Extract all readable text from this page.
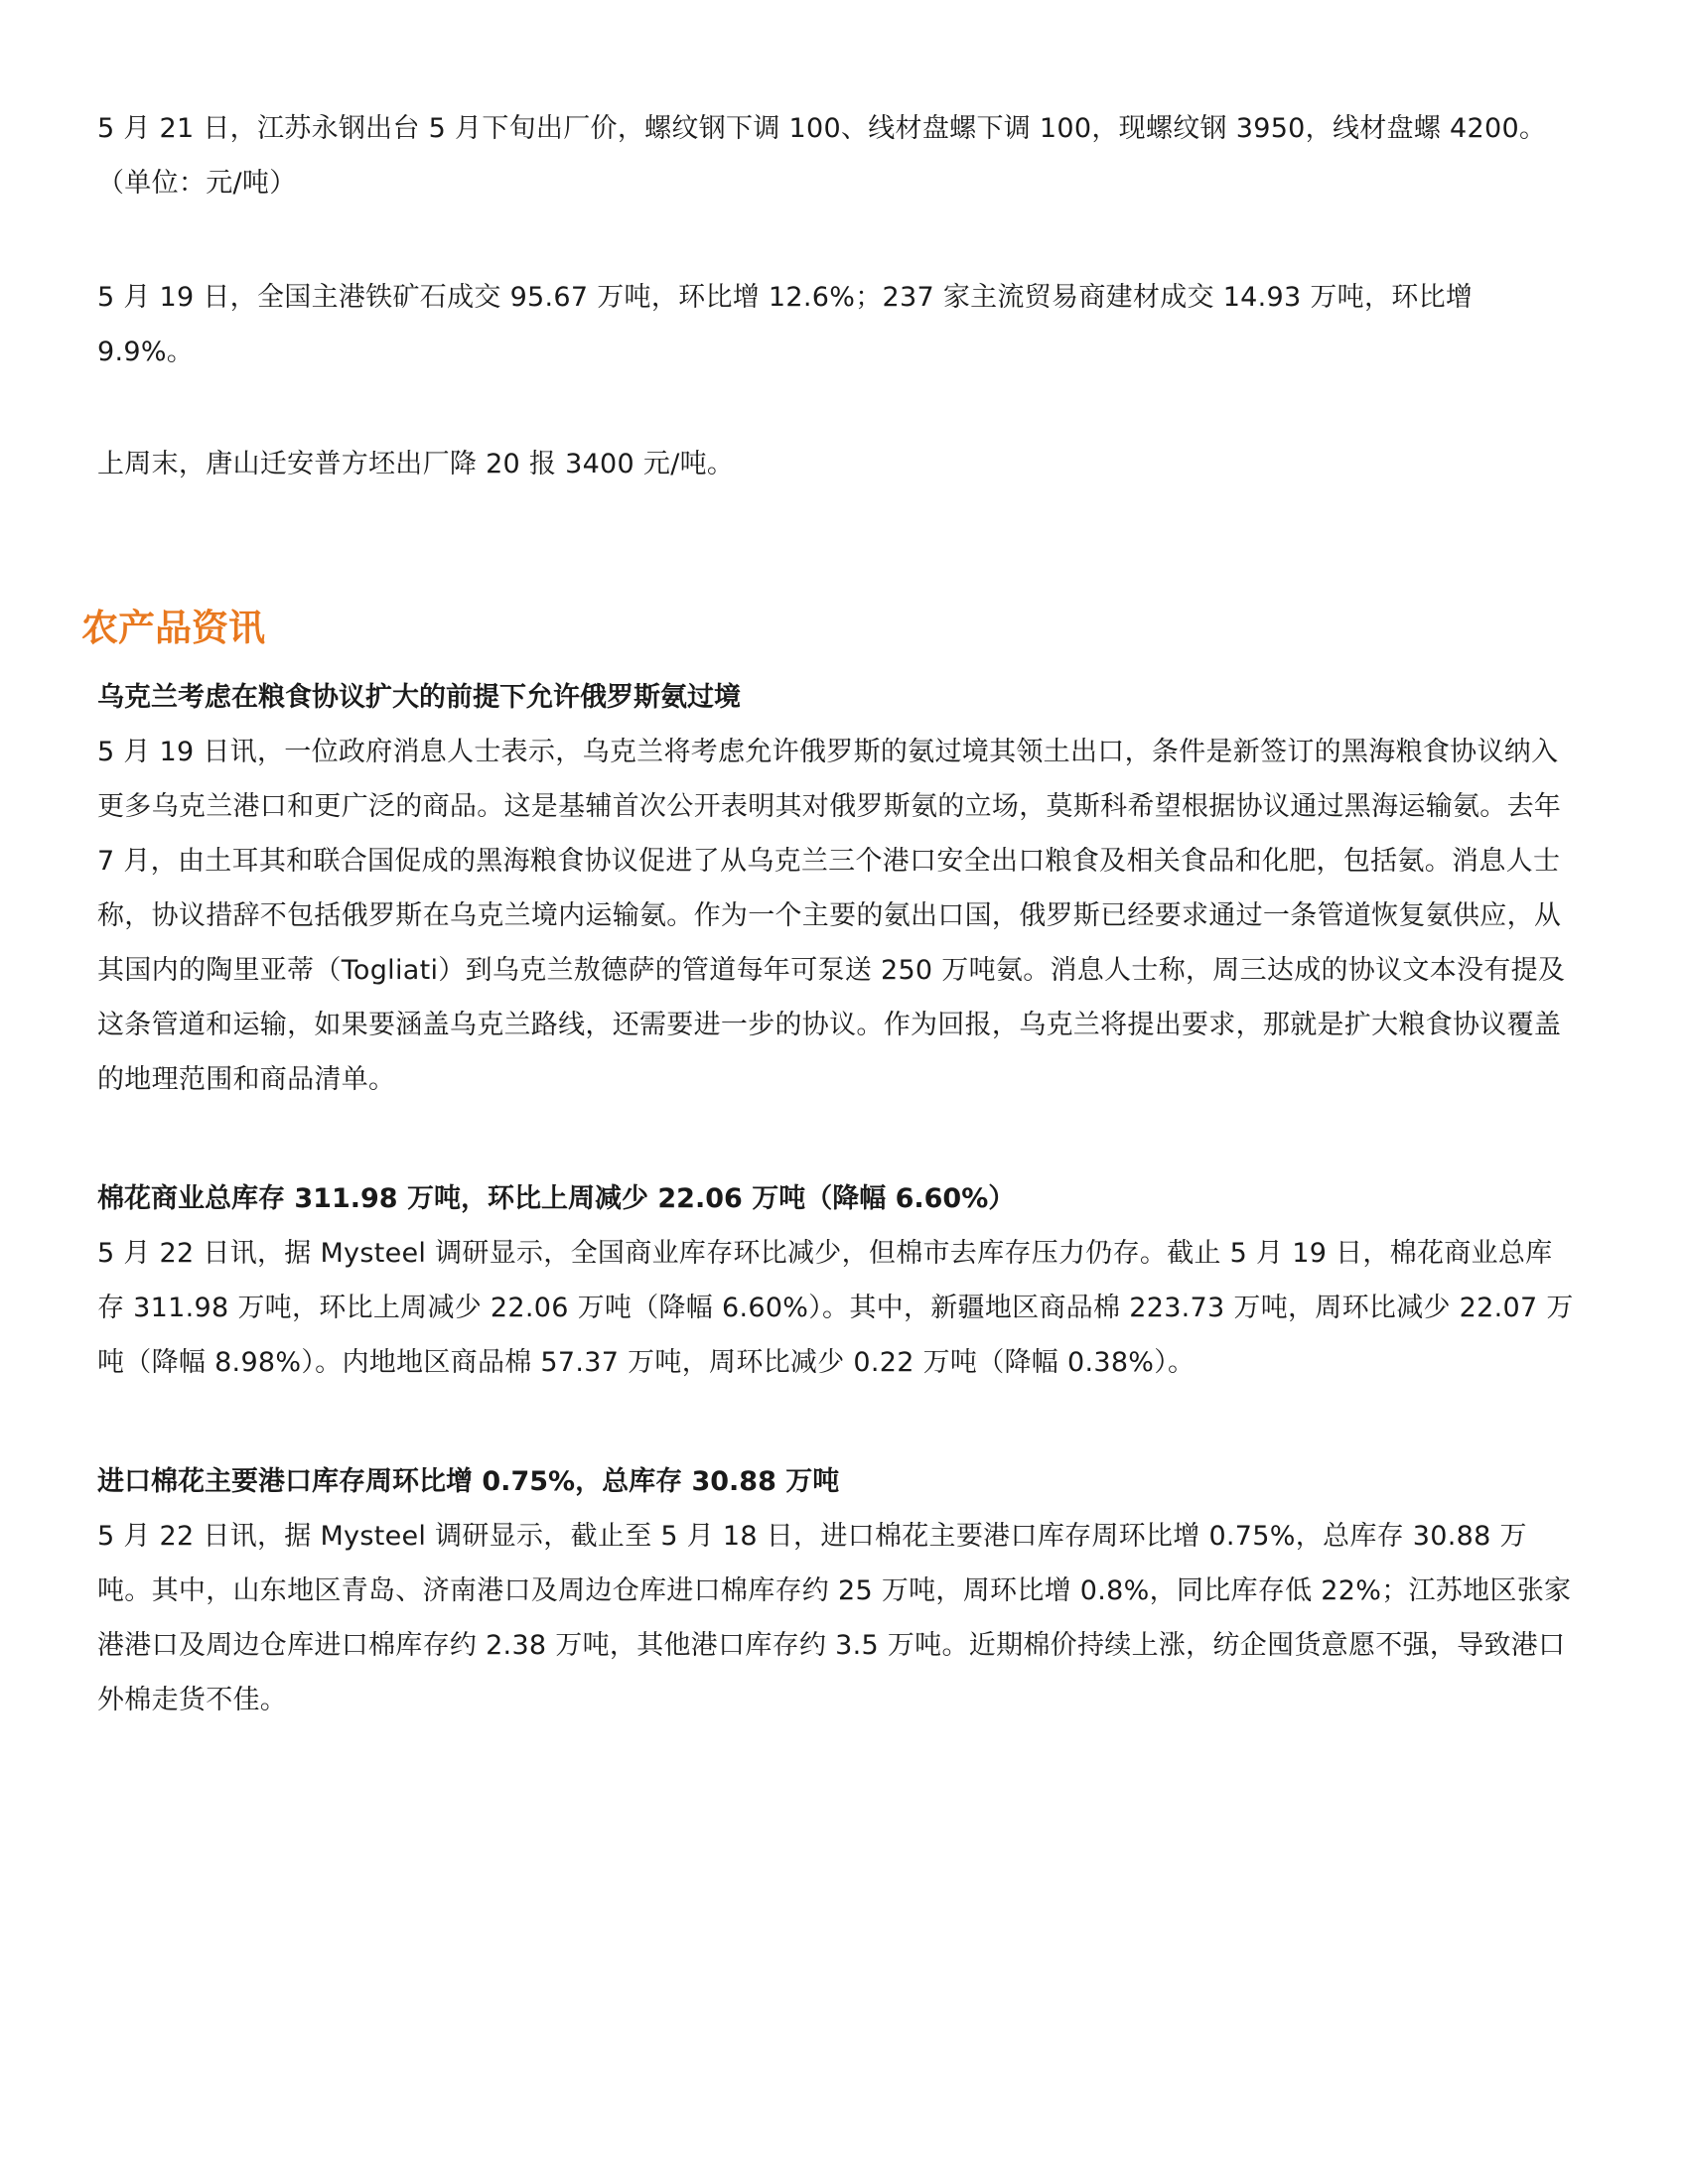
5 月 21 日，江苏永钢出台 5 月下旬出厂价，螺纹钢下调 100、线材盘螺下调 100，现螺纹钢 3950，线材盘螺 4200。（单位：元/吨）

5 月 19 日，全国主港铁矿石成交 95.67 万吨，环比增 12.6%；237 家主流贸易商建材成交 14.93 万吨，环比增 9.9%。

上周末，唐山迁安普方坯出厂降 20 报 3400 元/吨。

农产品资讯
乌克兰考虑在粮食协议扩大的前提下允许俄罗斯氨过境

5 月 19 日讯，一位政府消息人士表示，乌克兰将考虑允许俄罗斯的氨过境其领土出口，条件是新签订的黑海粮食协议纳入更多乌克兰港口和更广泛的商品。这是基辅首次公开表明其对俄罗斯氨的立场，莫斯科希望根据协议通过黑海运输氨。去年 7 月，由土耳其和联合国促成的黑海粮食协议促进了从乌克兰三个港口安全出口粮食及相关食品和化肥，包括氨。消息人士称，协议措辞不包括俄罗斯在乌克兰境内运输氨。作为一个主要的氨出口国，俄罗斯已经要求通过一条管道恢复氨供应，从其国内的陶里亚蒂（Togliati）到乌克兰敖德萨的管道每年可泵送 250 万吨氨。消息人士称，周三达成的协议文本没有提及这条管道和运输，如果要涵盖乌克兰路线，还需要进一步的协议。作为回报，乌克兰将提出要求，那就是扩大粮食协议覆盖的地理范围和商品清单。

棉花商业总库存 311.98 万吨，环比上周减少 22.06 万吨（降幅 6.60%）

5 月 22 日讯，据 Mysteel 调研显示，全国商业库存环比减少，但棉市去库存压力仍存。截止 5 月 19 日，棉花商业总库存 311.98 万吨，环比上周减少 22.06 万吨（降幅 6.60%）。其中，新疆地区商品棉 223.73 万吨，周环比减少 22.07 万吨（降幅 8.98%）。内地地区商品棉 57.37 万吨，周环比减少 0.22 万吨（降幅 0.38%）。

进口棉花主要港口库存周环比增 0.75%，总库存 30.88 万吨

5 月 22 日讯，据 Mysteel 调研显示，截止至 5 月 18 日，进口棉花主要港口库存周环比增 0.75%，总库存 30.88 万吨。其中，山东地区青岛、济南港口及周边仓库进口棉库存约 25 万吨，周环比增 0.8%，同比库存低 22%；江苏地区张家港港口及周边仓库进口棉库存约 2.38 万吨，其他港口库存约 3.5 万吨。近期棉价持续上涨，纺企囤货意愿不强，导致港口外棉走货不佳。
